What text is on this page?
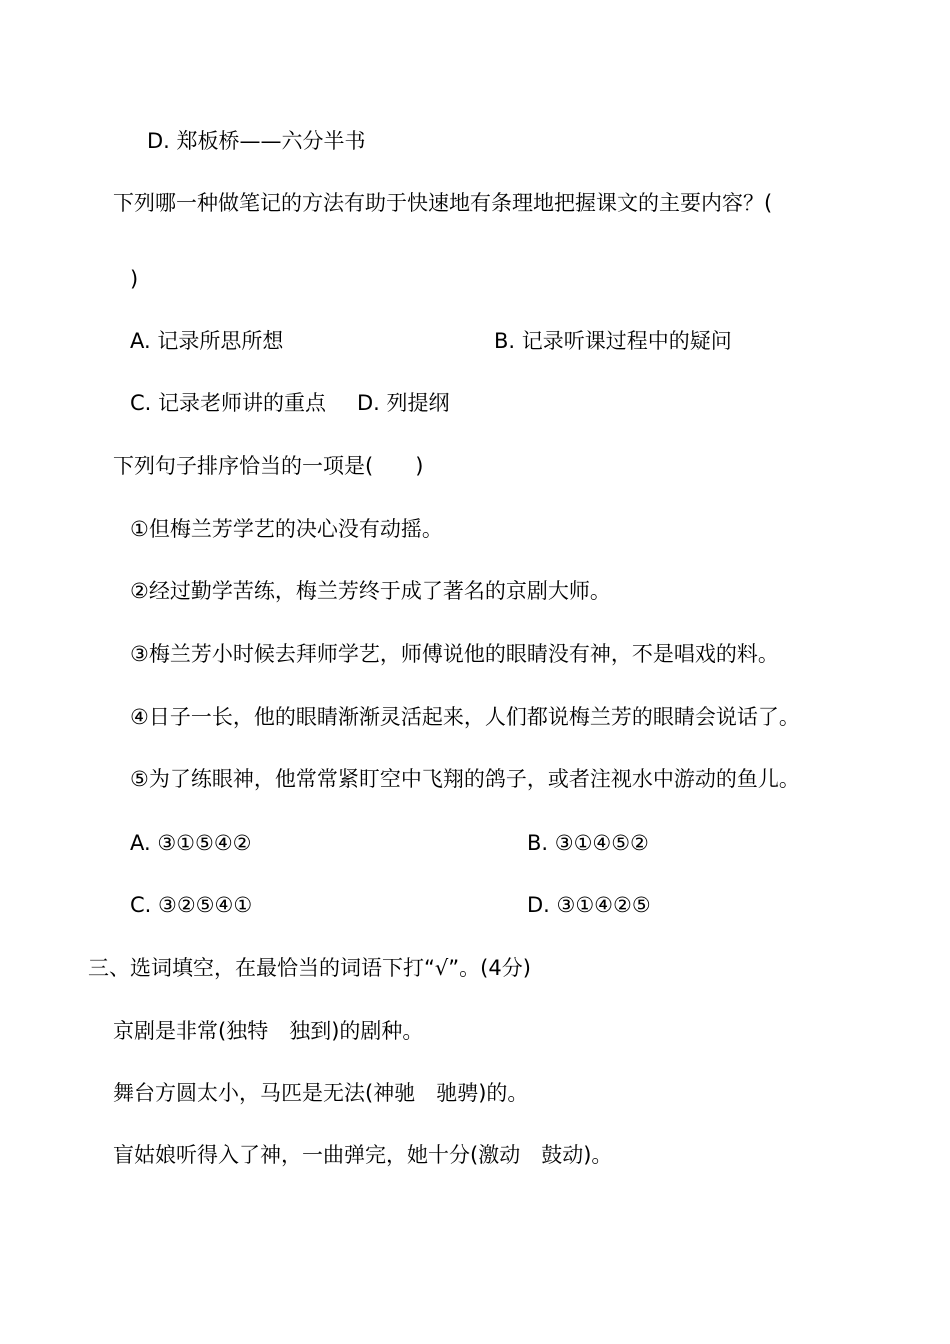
D. 郑板桥——六分半书
下列哪一种做笔记的方法有助于快速地有条理地把握课文的主要内容？(
)
A. 记录所思所想	B. 记录听课过程中的疑问
C. 记录老师讲的重点 D. 列提纲
下列句子排序恰当的一项是(　　)
①但梅兰芳学艺的决心没有动摇。
②经过勤学苦练，梅兰芳终于成了著名的京剧大师。
③梅兰芳小时候去拜师学艺，师傅说他的眼睛没有神，不是唱戏的料。
④日子一长，他的眼睛渐渐灵活起来，人们都说梅兰芳的眼睛会说话了。
⑤为了练眼神，他常常紧盯空中飞翔的鸽子，或者注视水中游动的鱼儿。
A. ③①⑤④②	B. ③①④⑤②
C. ③②⑤④①	D. ③①④②⑤
三、选词填空，在最恰当的词语下打“√”。(4分)
京剧是非常(独特　独到)的剧种。
舞台方圆太小，马匹是无法(神驰　驰骋)的。
盲姑娘听得入了神，一曲弹完，她十分(激动　鼓动)。
